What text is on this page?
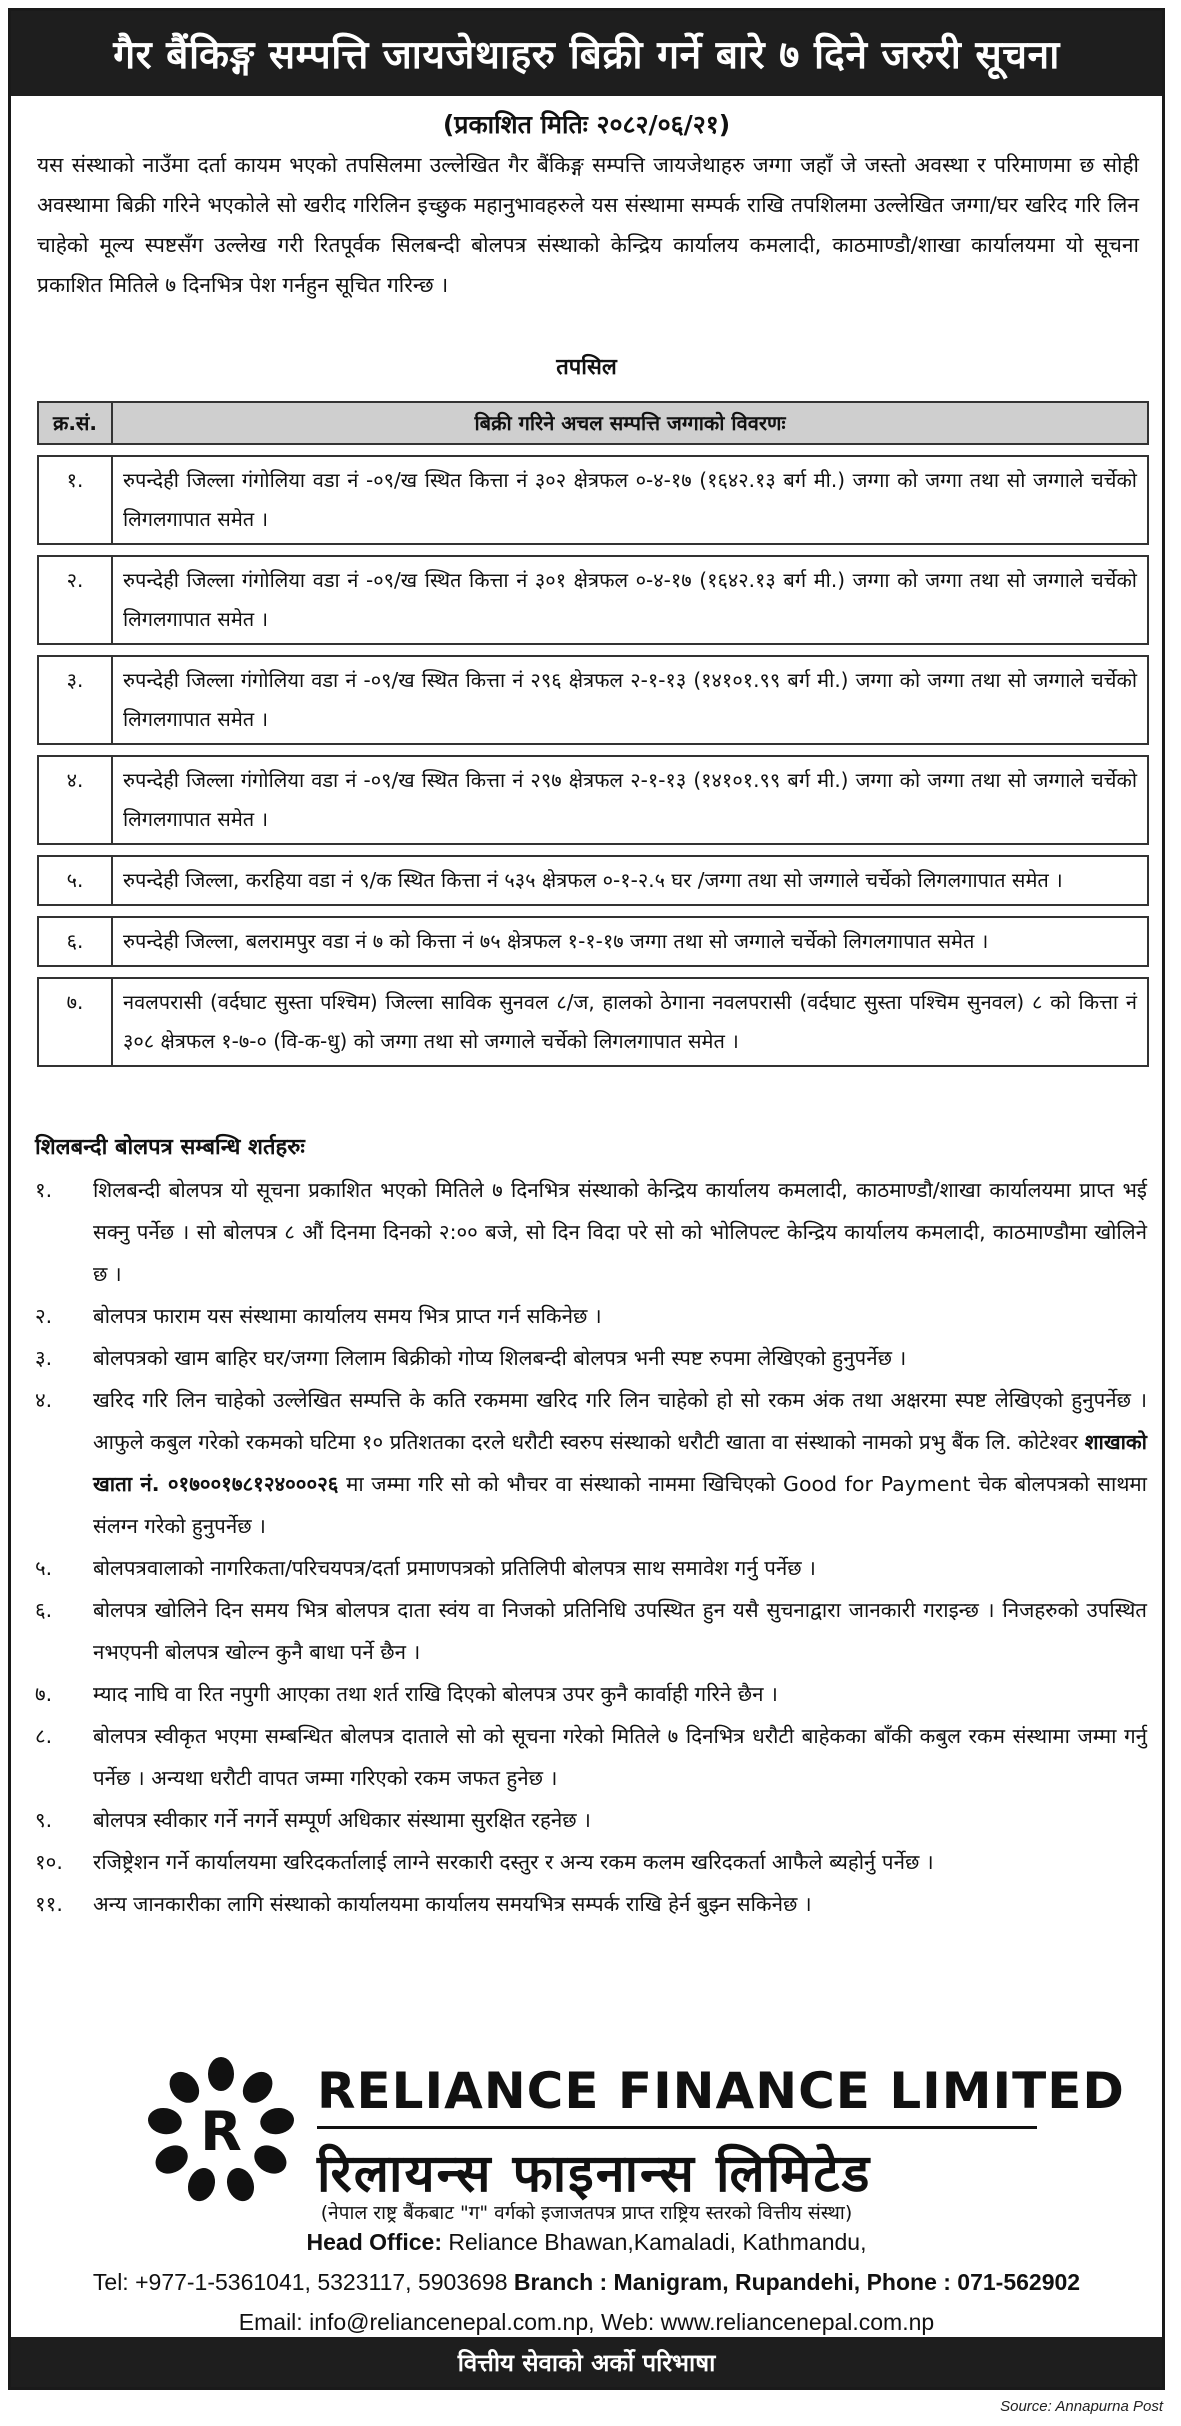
गैर बैंकिङ्ग सम्पत्ति जायजेथाहरु बिक्री गर्ने बारे ७ दिने जरुरी सूचना
(प्रकाशित मितिः २०८२/०६/२१)
यस संस्थाको नाउँमा दर्ता कायम भएको तपसिलमा उल्लेखित गैर बैंकिङ्ग सम्पत्ति जायजेथाहरु जग्गा जहाँ जे जस्तो अवस्था र परिमाणमा छ सोही अवस्थामा बिक्री गरिने भएकोले सो खरीद गरिलिन इच्छुक महानुभावहरुले यस संस्थामा सम्पर्क राखि तपशिलमा उल्लेखित जग्गा/घर खरिद गरि लिन चाहेको मूल्य स्पष्टसँग उल्लेख गरी रितपूर्वक सिलबन्दी बोलपत्र संस्थाको केन्द्रिय कार्यालय कमलादी, काठमाण्डौ/शाखा कार्यालयमा यो सूचना प्रकाशित मितिले ७ दिनभित्र पेश गर्नहुन सूचित गरिन्छ ।
तपसिल
क्र.सं.	बिक्री गरिने अचल सम्पत्ति जग्गाको विवरणः
१.	रुपन्देही जिल्ला गंगोलिया वडा नं -०९/ख स्थित कित्ता नं ३०२ क्षेत्रफल ०-४-१७ (१६४२.१३ बर्ग मी.) जग्गा को जग्गा तथा सो जग्गाले चर्चेको लिगलगापात समेत ।
२.	रुपन्देही जिल्ला गंगोलिया वडा नं -०९/ख स्थित कित्ता नं ३०१ क्षेत्रफल ०-४-१७ (१६४२.१३ बर्ग मी.) जग्गा को जग्गा तथा सो जग्गाले चर्चेको लिगलगापात समेत ।
३.	रुपन्देही जिल्ला गंगोलिया वडा नं -०९/ख स्थित कित्ता नं २९६ क्षेत्रफल २-१-१३ (१४१०१.९९ बर्ग मी.) जग्गा को जग्गा तथा सो जग्गाले चर्चेको लिगलगापात समेत ।
४.	रुपन्देही जिल्ला गंगोलिया वडा नं -०९/ख स्थित कित्ता नं २९७ क्षेत्रफल २-१-१३ (१४१०१.९९ बर्ग मी.) जग्गा को जग्गा तथा सो जग्गाले चर्चेको लिगलगापात समेत ।
५.	रुपन्देही जिल्ला, करहिया वडा नं ९/क स्थित कित्ता नं ५३५ क्षेत्रफल ०-१-२.५ घर /जग्गा तथा सो जग्गाले चर्चेको लिगलगापात समेत ।
६.	रुपन्देही जिल्ला, बलरामपुर वडा नं ७ को कित्ता नं ७५ क्षेत्रफल १-१-१७ जग्गा तथा सो जग्गाले चर्चेको लिगलगापात समेत ।
७.	नवलपरासी (वर्दघाट सुस्ता पश्चिम) जिल्ला साविक सुनवल ८/ज, हालको ठेगाना नवलपरासी (वर्दघाट सुस्ता पश्चिम सुनवल) ८ को कित्ता नं ३०८ क्षेत्रफल १-७-० (वि-क-धु) को जग्गा तथा सो जग्गाले चर्चेको लिगलगापात समेत ।
शिलबन्दी बोलपत्र सम्बन्धि शर्तहरुः
१.	शिलबन्दी बोलपत्र यो सूचना प्रकाशित भएको मितिले ७ दिनभित्र संस्थाको केन्द्रिय कार्यालय कमलादी, काठमाण्डौ/शाखा कार्यालयमा प्राप्त भई सक्नु पर्नेछ । सो बोलपत्र ८ औं दिनमा दिनको २:०० बजे, सो दिन विदा परे सो को भोलिपल्ट केन्द्रिय कार्यालय कमलादी, काठमाण्डौमा खोलिने छ ।
२.	बोलपत्र फाराम यस संस्थामा कार्यालय समय भित्र प्राप्त गर्न सकिनेछ ।
३.	बोलपत्रको खाम बाहिर घर/जग्गा लिलाम बिक्रीको गोप्य शिलबन्दी बोलपत्र भनी स्पष्ट रुपमा लेखिएको हुनुपर्नेछ ।
४.	खरिद गरि लिन चाहेको उल्लेखित सम्पत्ति के कति रकममा खरिद गरि लिन चाहेको हो सो रकम अंक तथा अक्षरमा स्पष्ट लेखिएको हुनुपर्नेछ । आफुले कबुल गरेको रकमको घटिमा १० प्रतिशतका दरले धरौटी स्वरुप संस्थाको धरौटी खाता वा संस्थाको नामको प्रभु बैंक लि. कोटेश्वर शाखाको खाता नं. ०१७००१७८१२४०००२६ मा जम्मा गरि सो को भौचर वा संस्थाको नाममा खिचिएको Good for Payment चेक बोलपत्रको साथमा संलग्न गरेको हुनुपर्नेछ ।
५.	बोलपत्रवालाको नागरिकता/परिचयपत्र/दर्ता प्रमाणपत्रको प्रतिलिपी बोलपत्र साथ समावेश गर्नु पर्नेछ ।
६.	बोलपत्र खोलिने दिन समय भित्र बोलपत्र दाता स्वंय वा निजको प्रतिनिधि उपस्थित हुन यसै सुचनाद्वारा जानकारी गराइन्छ । निजहरुको उपस्थित नभएपनी बोलपत्र खोल्न कुनै बाधा पर्ने छैन ।
७.	म्याद नाघि वा रित नपुगी आएका तथा शर्त राखि दिएको बोलपत्र उपर कुनै कार्वाही गरिने छैन ।
८.	बोलपत्र स्वीकृत भएमा सम्बन्धित बोलपत्र दाताले सो को सूचना गरेको मितिले ७ दिनभित्र धरौटी बाहेकका बाँकी कबुल रकम संस्थामा जम्मा गर्नु पर्नेछ । अन्यथा धरौटी वापत जम्मा गरिएको रकम जफत हुनेछ ।
९.	बोलपत्र स्वीकार गर्ने नगर्ने सम्पूर्ण अधिकार संस्थामा सुरक्षित रहनेछ ।
१०.	रजिष्ट्रेशन गर्ने कार्यालयमा खरिदकर्तालाई लाग्ने सरकारी दस्तुर र अन्य रकम कलम खरिदकर्ता आफैले ब्यहोर्नु पर्नेछ ।
११.	अन्य जानकारीका लागि संस्थाको कार्यालयमा कार्यालय समयभित्र सम्पर्क राखि हेर्न बुझ्न सकिनेछ ।
R
RELIANCE FINANCE LIMITED
रिलायन्स फाइनान्स लिमिटेड
(नेपाल राष्ट्र बैंकबाट "ग" वर्गको इजाजतपत्र प्राप्त राष्ट्रिय स्तरको वित्तीय संस्था)
Head Office: Reliance Bhawan,Kamaladi, Kathmandu,
Tel: +977-1-5361041, 5323117, 5903698 Branch : Manigram, Rupandehi, Phone : 071-562902
Email: info@reliancenepal.com.np, Web: www.reliancenepal.com.np
वित्तीय सेवाको अर्को परिभाषा
Source: Annapurna Post
